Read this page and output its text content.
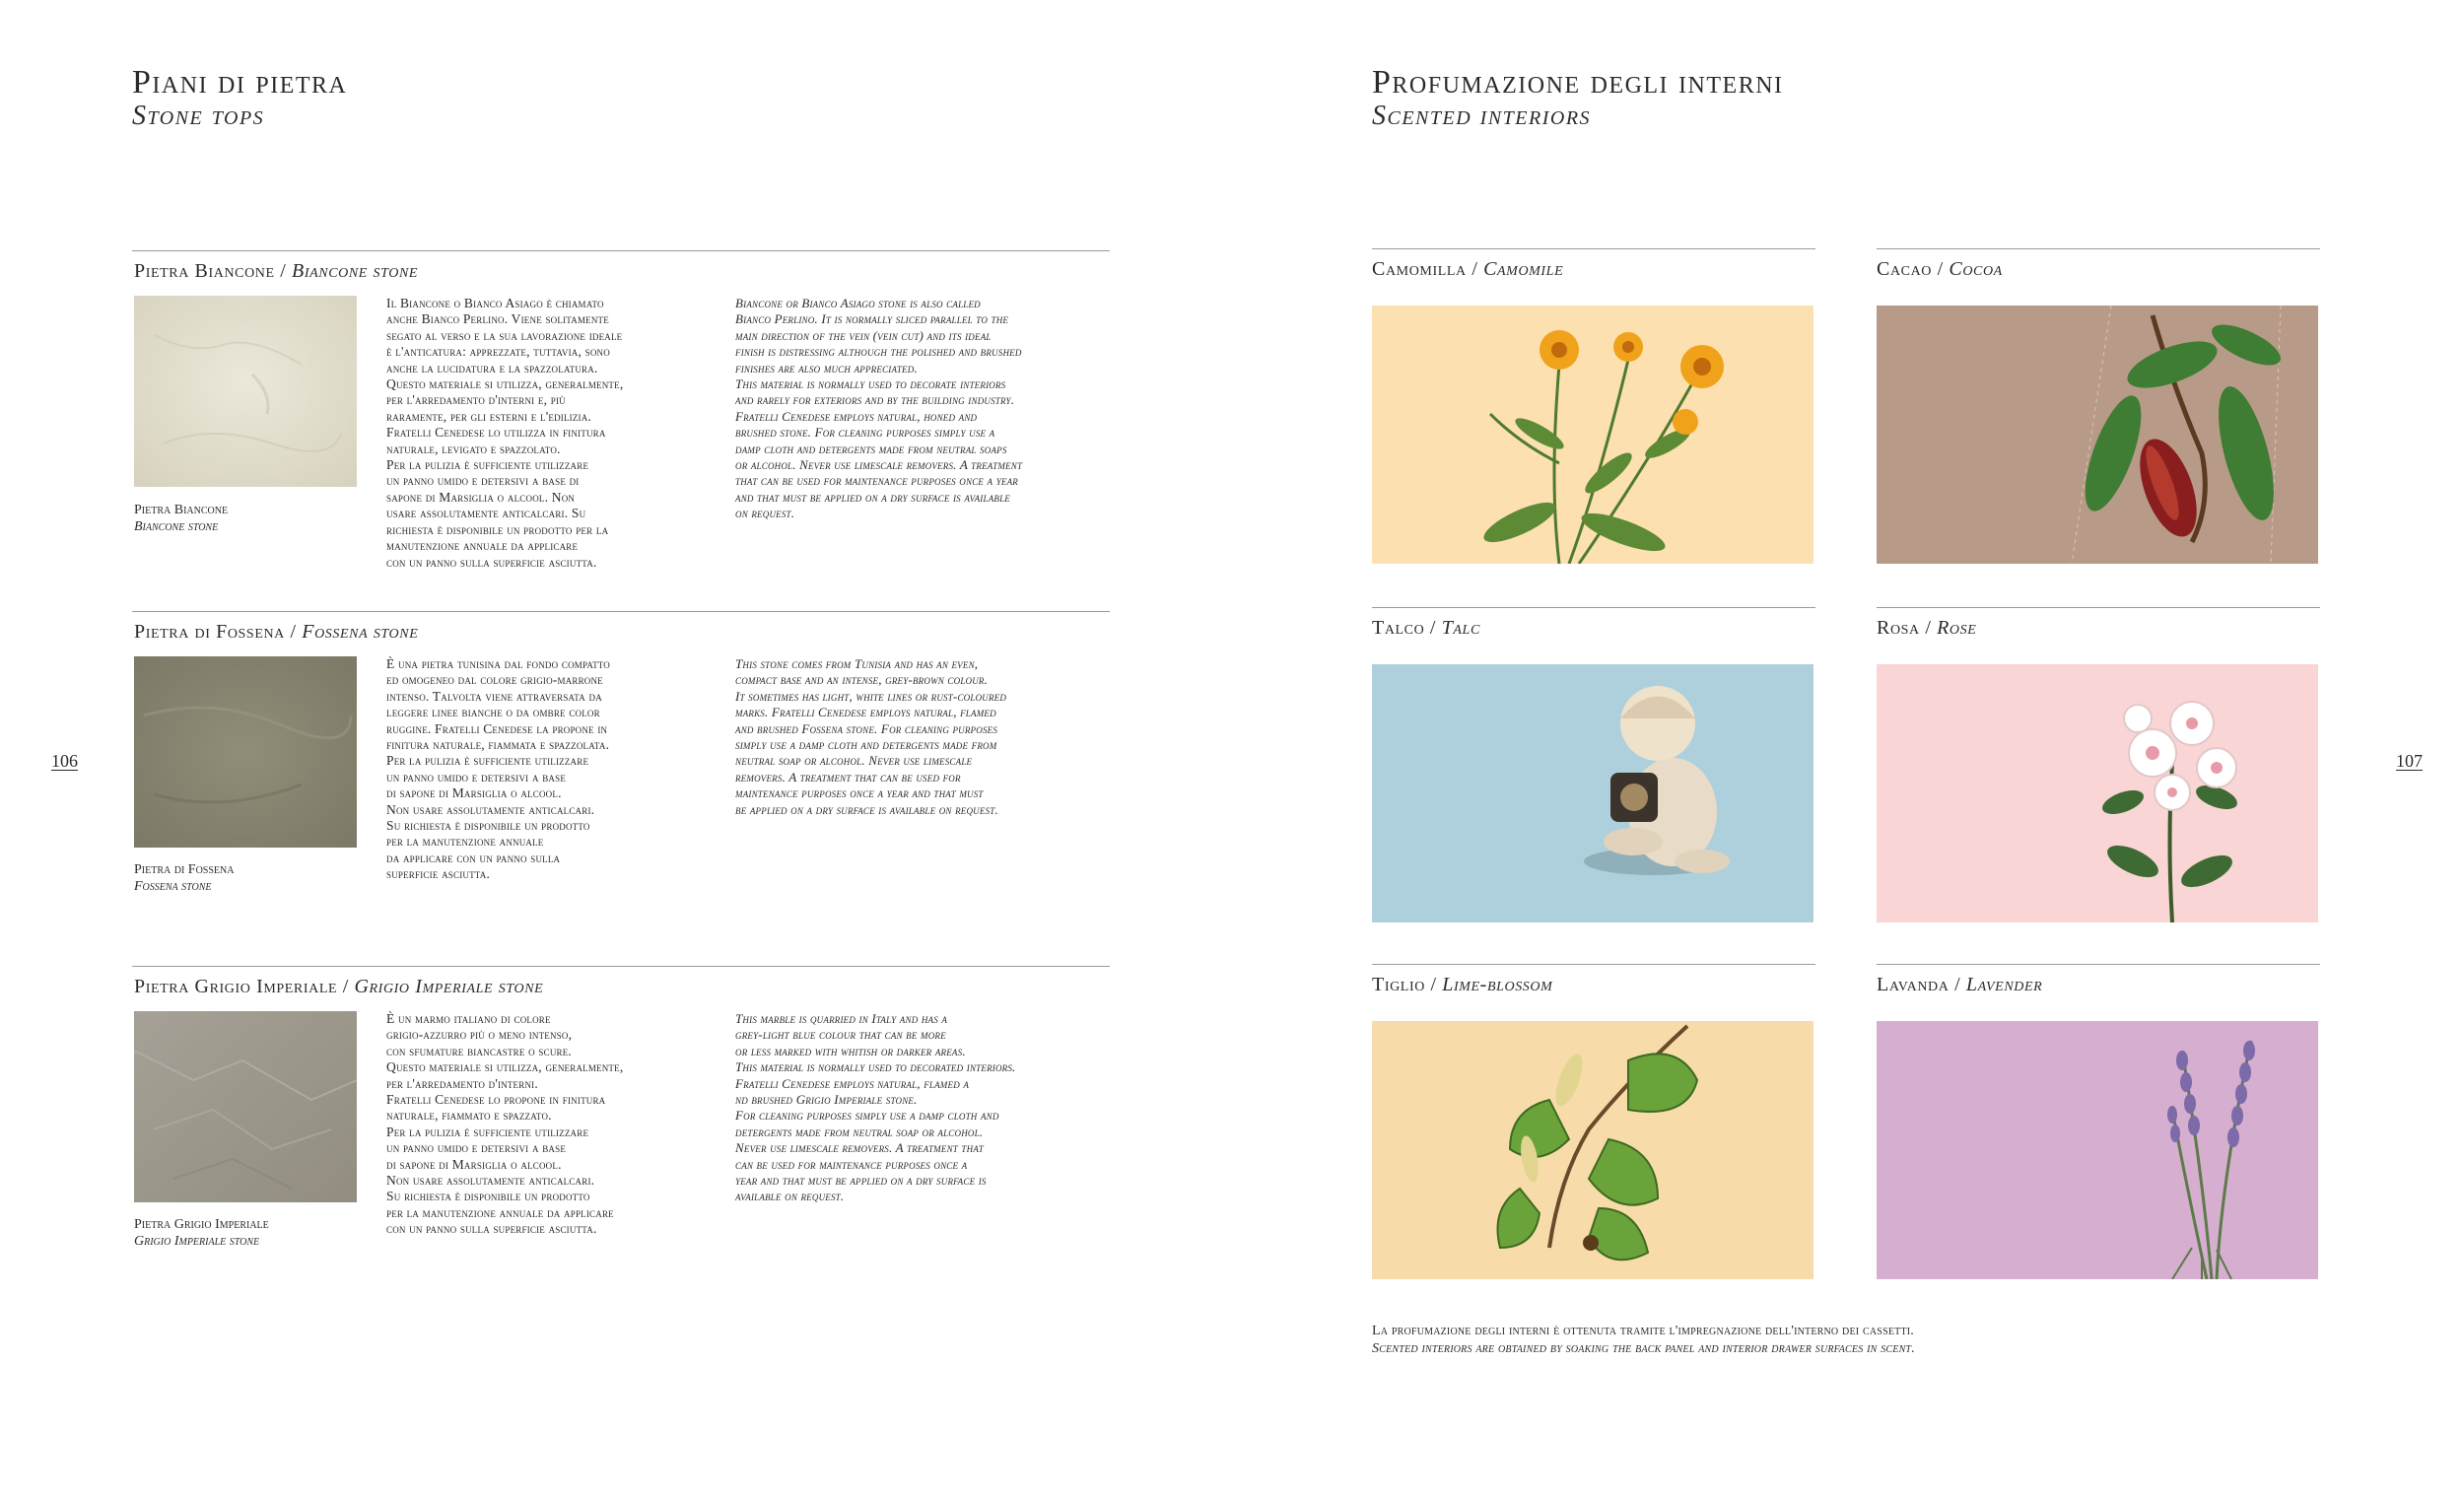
Piani di pietra
Stone tops
Pietra Biancone / Biancone stone
Pietra Biancone
Biancone stone

Il Biancone o Bianco Asiago è chiamato

anche Bianco Perlino. Viene solitamente

segato al verso e la sua lavorazione ideale

è l'anticatura: apprezzate, tuttavia, sono

anche la lucidatura e la spazzolatura.

Questo materiale si utilizza, generalmente,

per l'arredamento d'interni e, più

raramente, per gli esterni e l'edilizia.

Fratelli Cenedese lo utilizza in finitura

naturale, levigato e spazzolato.

Per la pulizia è sufficiente utilizzare

un panno umido e detersivi a base di

sapone di Marsiglia o alcool. Non

usare assolutamente anticalcari. Su

richiesta è disponibile un prodotto per la

manutenzione annuale da applicare

con un panno sulla superficie asciutta.

Biancone or Bianco Asiago stone is also called

Bianco Perlino. It is normally sliced parallel to the

main direction of the vein (vein cut) and its ideal

finish is distressing although the polished and brushed

finishes are also much appreciated.

This material is normally used to decorate interiors

and rarely for exteriors and by the building industry.

Fratelli Cenedese employs natural, honed and

brushed stone. For cleaning purposes simply use a

damp cloth and detergents made from neutral soaps

or alcohol. Never use limescale removers. A treatment

that can be used for maintenance purposes once a year

and that must be applied on a dry surface is available

on request.

Pietra di Fossena / Fossena stone
Pietra di Fossena
Fossena stone

È una pietra tunisina dal fondo compatto

ed omogeneo dal colore grigio-marrone

intenso. Talvolta viene attraversata da

leggere linee bianche o da ombre color

ruggine. Fratelli Cenedese la propone in

finitura naturale, fiammata e spazzolata.

Per la pulizia è sufficiente utilizzare

un panno umido e detersivi a base

di sapone di Marsiglia o alcool.

Non usare assolutamente anticalcari.

Su richiesta è disponibile un prodotto

per la manutenzione annuale

da applicare con un panno sulla

superficie asciutta.

This stone comes from Tunisia and has an even,

compact base and an intense, grey-brown colour.

It sometimes has light, white lines or rust-coloured

marks. Fratelli Cenedese employs natural, flamed

and brushed Fossena stone. For cleaning purposes

simply use a damp cloth and detergents made from

neutral soap or alcohol. Never use limescale

removers. A treatment that can be used for

maintenance purposes once a year and that must

be applied on a dry surface is available on request.

Pietra Grigio Imperiale / Grigio Imperiale stone
Pietra Grigio Imperiale
Grigio Imperiale stone

È un marmo italiano di colore

grigio-azzurro più o meno intenso,

con sfumature biancastre o scure.

Questo materiale si utilizza, generalmente,

per l'arredamento d'interni.

Fratelli Cenedese lo propone in finitura

naturale, fiammato e spazzato.

Per la pulizia è sufficiente utilizzare

un panno umido e detersivi a base

di sapone di Marsiglia o alcool.

Non usare assolutamente anticalcari.

Su richiesta è disponibile un prodotto

per la manutenzione annuale da applicare

con un panno sulla superficie asciutta.

This marble is quarried in Italy and has a

grey-light blue colour that can be more

or less marked with whitish or darker areas.

This material is normally used to decorated interiors.

Fratelli Cenedese employs natural, flamed a

nd brushed Grigio Imperiale stone.

For cleaning purposes simply use a damp cloth and

detergents made from neutral soap or alcohol.

Never use limescale removers. A treatment that

can be used for maintenance purposes once a

year and that must be applied on a dry surface is

available on request.

106
Profumazione degli interni
Scented interiors
Camomilla / Camomile	Cacao / Cocoa
Talco / Talc	Rosa / Rose
Tiglio / Lime-blossom	Lavanda / Lavender
La profumazione degli interni è ottenuta tramite l'impregnazione dell'interno dei cassetti.
Scented interiors are obtained by soaking the back panel and interior drawer surfaces in scent.
107
